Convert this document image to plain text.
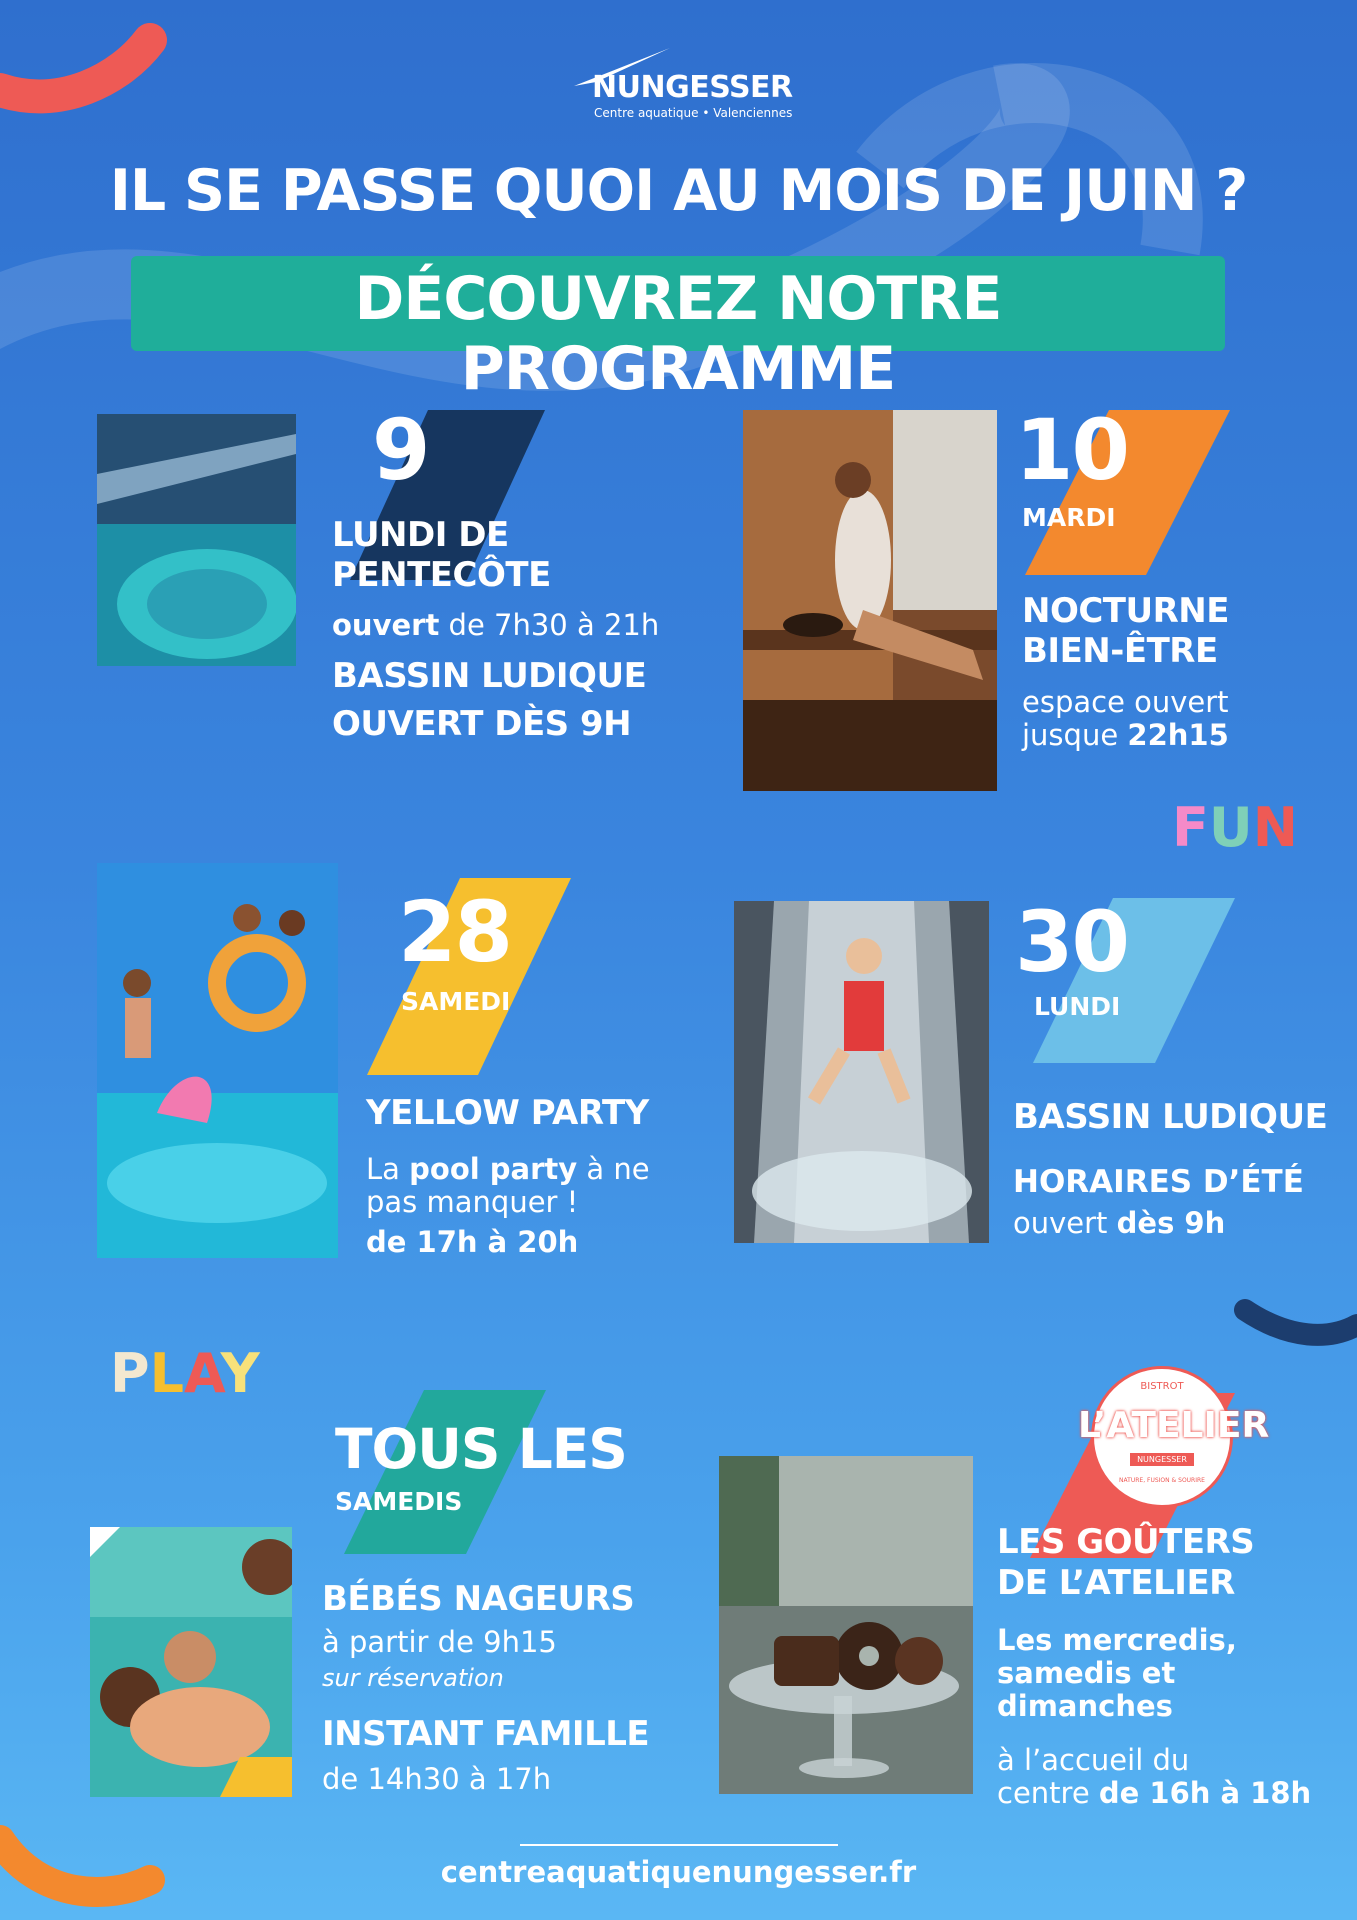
NUNGESSER
Centre aquatique • Valenciennes
IL SE PASSE QUOI AU MOIS DE JUIN ?
DÉCOUVREZ NOTRE PROGRAMME
9
LUNDI DE
PENTECÔTE
ouvert de 7h30 à 21h
BASSIN LUDIQUE
OUVERT DÈS 9H
10
MARDI
NOCTURNE
BIEN-ÊTRE
espace ouvert
jusque 22h15
FUN
28
SAMEDI
YELLOW PARTY
La pool party à ne
pas manquer !
de 17h à 20h
30
LUNDI
BASSIN LUDIQUE
HORAIRES D’ÉTÉ
ouvert dès 9h
PLAY
TOUS LES
SAMEDIS
BÉBÉS NAGEURS
à partir de 9h15
sur réservation
INSTANT FAMILLE
de 14h30 à 17h
BISTROT
NUNGESSER
NATURE, FUSION & SOURIRE
L’ATELIER
LES GOÛTERS
DE L’ATELIER
Les mercredis,
samedis et
dimanches
à l’accueil du
centre de 16h à 18h
centreaquatiquenungesser.fr
